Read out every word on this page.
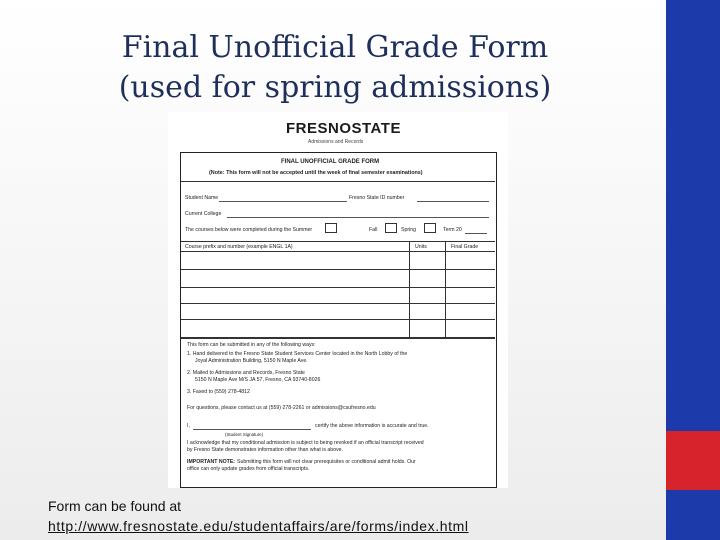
Final Unofficial Grade Form
(used for spring admissions)
FRESNOSTATE
Admissions and Records
FINAL UNOFFICIAL GRADE FORM
(Note: This form will not be accepted until the week of final semester examinations)
Student Name	Fresno State ID number
Current College
The courses below were completed during the Summer	Fall	Spring	Term 20
Course prefix and number (example ENGL 1A)	Units	Final Grade
This form can be submitted in any of the following ways:
1. Hand delivered to the Fresno State Student Services Center located in the North Lobby of the
Joyal Administration Building, 5150 N Maple Ave.
2. Mailed to Admissions and Records, Fresno State
5150 N Maple Ave M/S JA 57, Fresno, CA 93740-8026
3. Faxed to (559) 278-4812
For questions, please contact us at (559) 278-2261 or admissions@csufresno.edu
I,	certify the above information is accurate and true.
(Student Signature)
I acknowledge that my conditional admission is subject to being revoked if an official transcript received
by Fresno State demonstrates information other than what is above.
IMPORTANT NOTE: Submitting this form will not clear prerequisites or conditional admit holds. Our
office can only update grades from official transcripts.
Form can be found at
http://www.fresnostate.edu/studentaffairs/are/forms/index.html
